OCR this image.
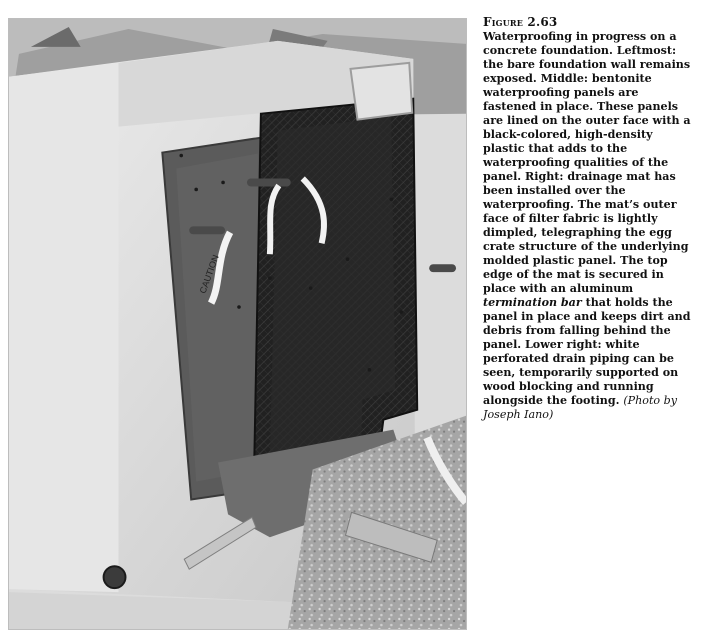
CAUTION
Figure 2.63

Waterproofing in progress on a concrete foundation. Leftmost: the bare foundation wall remains exposed. Middle: bentonite waterproofing panels are fastened in place. These panels are lined on the outer face with a black-colored, high-density plastic that adds to the waterproofing qualities of the panel. Right: drainage mat has been installed over the waterproofing. The mat’s outer face of filter fabric is lightly dimpled, telegraphing the egg crate structure of the underlying molded plastic panel. The top edge of the mat is secured in place with an aluminum termination bar that holds the panel in place and keeps dirt and debris from falling behind the panel. Lower right: white perforated drain piping can be seen, temporarily supported on wood blocking and running alongside the footing. (Photo by Joseph Iano)
